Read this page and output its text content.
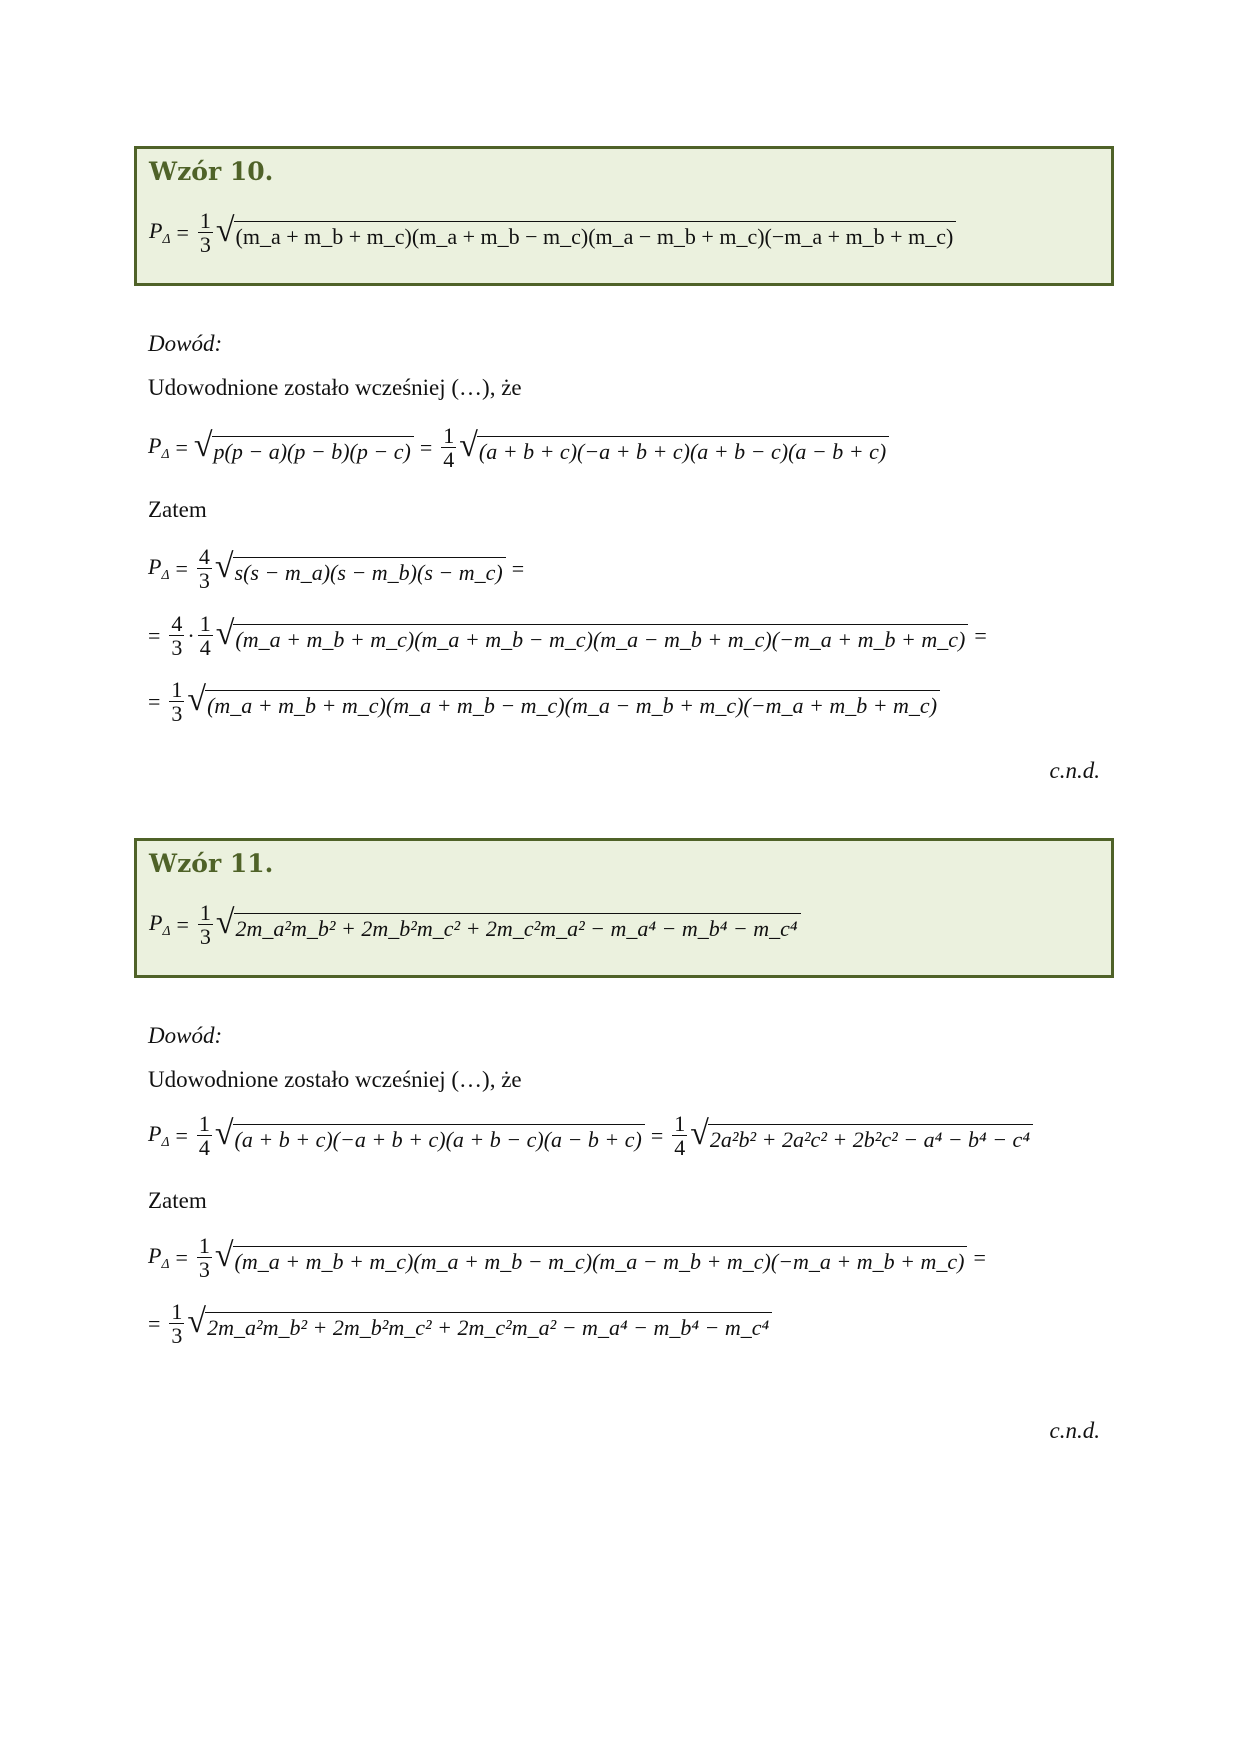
Wzór 10.
$P_\Delta = \frac{1}{3}$ √ (m_a + m_b + m_c)(m_a + m_b − m_c)(m_a − m_b + m_c)(−m_a + m_b + m_c)
Dowód:
Udowodnione zostało wcześniej (…), że
$P_\Delta$ = √ $p(p - a)(p - b)(p - c) = \frac{1}{4}$ √ (a + b + c)(−a + b + c)(a + b − c)(a − b + c)
Zatem
$P_\Delta = \frac{4}{3}$ √ s(s − m_a)(s − m_b)(s − m_c) =
= $\frac{4}{3} \cdot \frac{1}{4}$ √ (m_a + m_b + m_c)(m_a + m_b − m_c)(m_a − m_b + m_c)(−m_a + m_b + m_c) =
= $\frac{1}{3}$ √ (m_a + m_b + m_c)(m_a + m_b − m_c)(m_a − m_b + m_c)(−m_a + m_b + m_c)
c.n.d.
Wzór 11.
$P_\Delta = \frac{1}{3}$ √ 2m_a²m_b² + 2m_b²m_c² + 2m_c²m_a² − m_a⁴ − m_b⁴ − m_c⁴
Dowód:
Udowodnione zostało wcześniej (…), że
$P_\Delta = \frac{1}{4}$ √ $(a + b + c)(-a + b + c)(a + b - c)(a - b + c) = \frac{1}{4}$ √ 2a²b² + 2a²c² + 2b²c² − a⁴ − b⁴ − c⁴
Zatem
$P_\Delta = \frac{1}{3}$ √ (m_a + m_b + m_c)(m_a + m_b − m_c)(m_a − m_b + m_c)(−m_a + m_b + m_c) =
= $\frac{1}{3}$ √ 2m_a²m_b² + 2m_b²m_c² + 2m_c²m_a² − m_a⁴ − m_b⁴ − m_c⁴
c.n.d.
